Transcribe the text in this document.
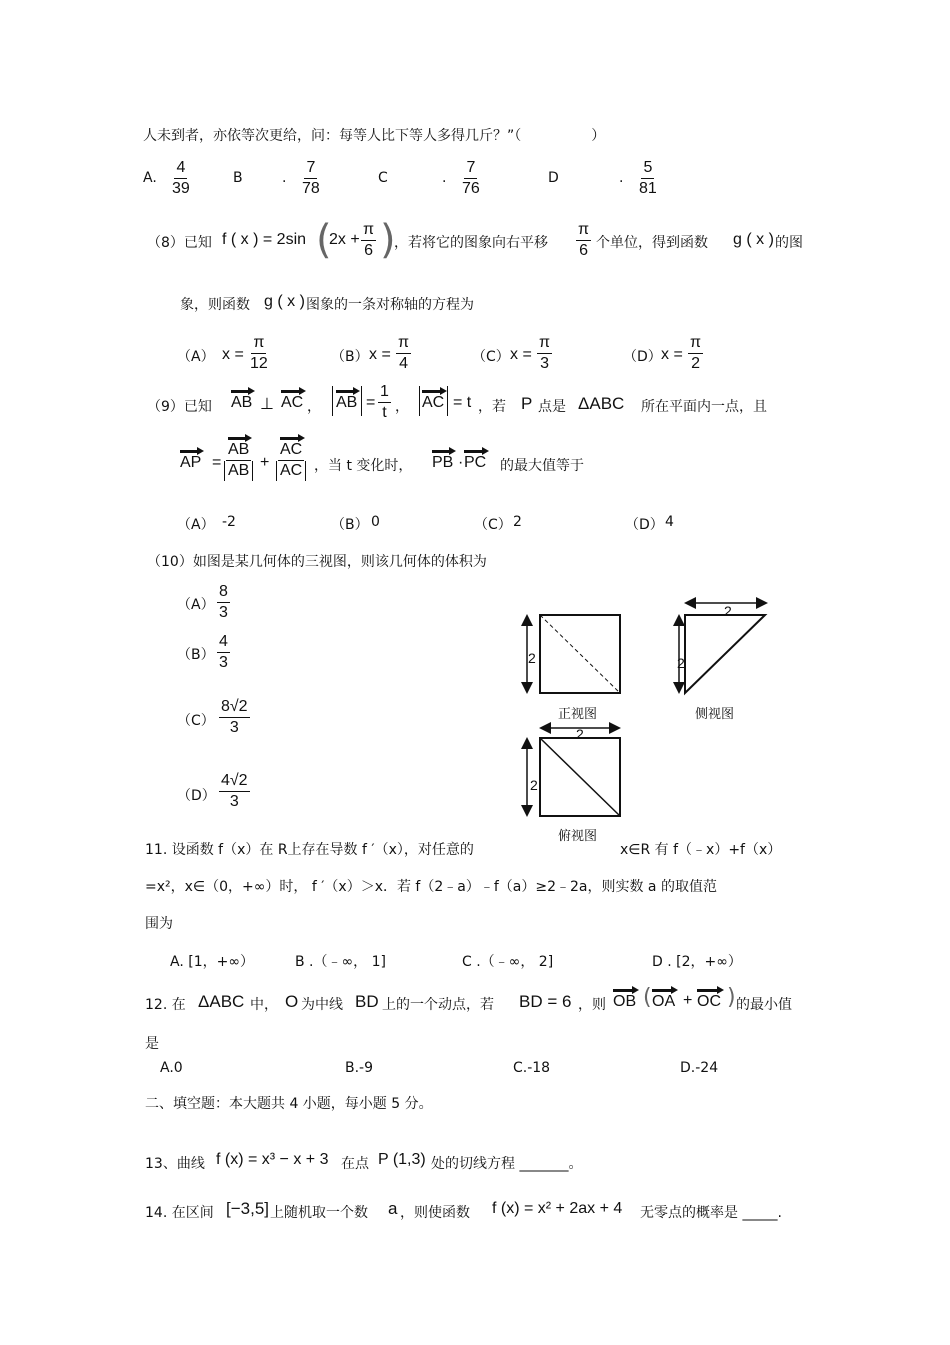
人未到者，亦依等次更给，问：每等人比下等人多得几斤？”（　　　　　）
A. $\frac{4}{39}$	B	. $\frac{7}{78}$	C	. $\frac{7}{76}$	D	. $\frac{5}{81}$
（8）已知 f ( x ) = 2sin (
$2x + \frac{\pi}{6}$ )
，若将它的图象向右平移 $\frac{\pi}{6}$ 个单位，得到函数 g ( x ) 的图
象，则函数 g ( x ) 图象的一条对称轴的方程为
（A） $x = \frac{\pi}{12}$	（B） $x = \frac{\pi}{4}$	（C） $x = \frac{\pi}{3}$	（D） $x = \frac{\pi}{2}$
（9）已知 AB ⊥ AC ， AB = $\frac{1}{t}$ ， AC = t ，若 P 点是 ΔABC 所在平面内一点，且
AP = $\frac{AB}{AB} + \frac{AC}{AC}$ ，当 t 变化时， PB · PC 的最大值等于
（A） -2	（B） 0	（C） 2	（D） 4
（10）如图是某几何体的三视图，则该几何体的体积为
$(A) \frac{8}{3}$
$(B) \frac{4}{3}$
$(C) \frac{8√2}{3}$
$(D) \frac{4√2}{3}$
2
2
2
2
2
正视图	侧视图
俯视图
11. 设函数 f（x）在 R上存在导数 f ′（x），对任意的	x∈R 有 f（﹣x）+f（x）
=x²，x∈（0，+∞）时， f ′（x）＞x．若 f（2﹣a）﹣f（a）≥2﹣2a，则实数 a 的取值范
围为
A. [1，+∞）	B .（﹣∞， 1]	C .（﹣∞， 2]	D . [2，+∞）
12. 在 ΔABC 中， O 为中线 BD 上的一个动点，若 BD = 6 ，则 OB ( OA + OC ) 的最小值
是
A.0	B.-9	C.-18	D.-24
二、填空题：本大题共 4 小题，每小题 5 分。
13、曲线 f (x) = x³ − x + 3 在点 P (1,3) 处的切线方程 _______。
14. 在区间 [−3,5] 上随机取一个数 a ，则使函数 f (x) = x² + 2ax + 4 无零点的概率是 _____.
